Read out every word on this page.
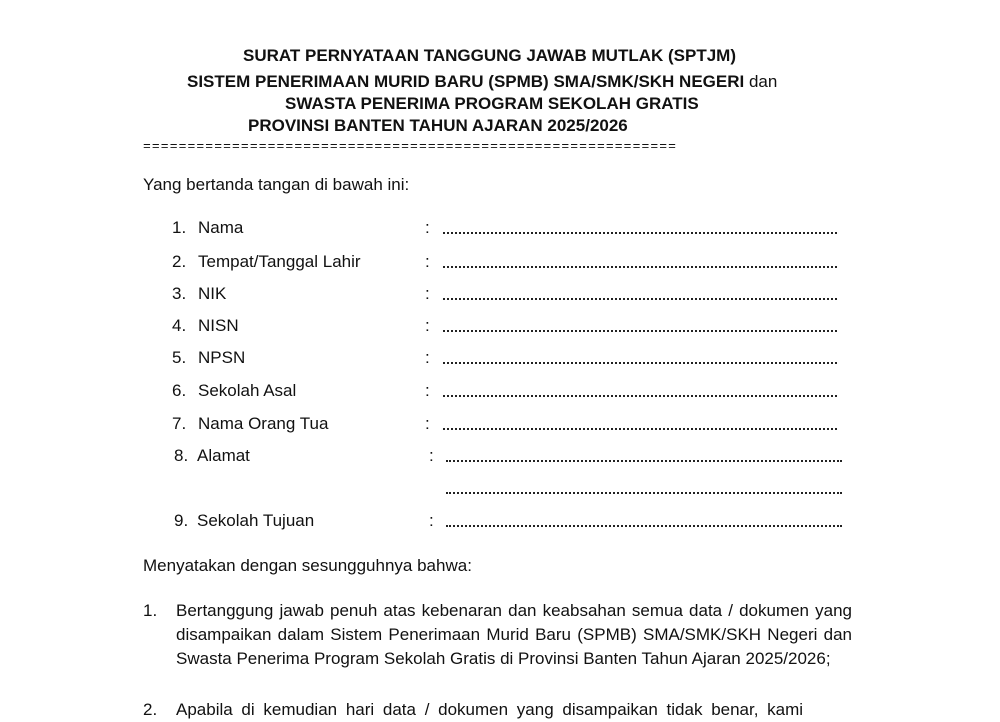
SURAT PERNYATAAN TANGGUNG JAWAB MUTLAK (SPTJM)
SISTEM PENERIMAAN MURID BARU (SPMB) SMA/SMK/SKH NEGERI dan
SWASTA PENERIMA PROGRAM SEKOLAH GRATIS
PROVINSI BANTEN TAHUN AJARAN 2025/2026
============================================================
Yang bertanda tangan di bawah ini:
1. Nama	:
2. Tempat/Tanggal Lahir	:
3. NIK	:
4. NISN	:
5. NPSN	:
6. Sekolah Asal	:
7. Nama Orang Tua	:
8. Alamat	:
9. Sekolah Tujuan	:
Menyatakan dengan sesungguhnya bahwa:
1. Bertanggung jawab penuh atas kebenaran dan keabsahan semua data / dokumen yang disampaikan dalam Sistem Penerimaan Murid Baru (SPMB) SMA/SMK/SKH Negeri dan Swasta Penerima Program Sekolah Gratis di Provinsi Banten Tahun Ajaran 2025/2026;
2. Apabila di kemudian hari data / dokumen yang disampaikan tidak benar, kami
